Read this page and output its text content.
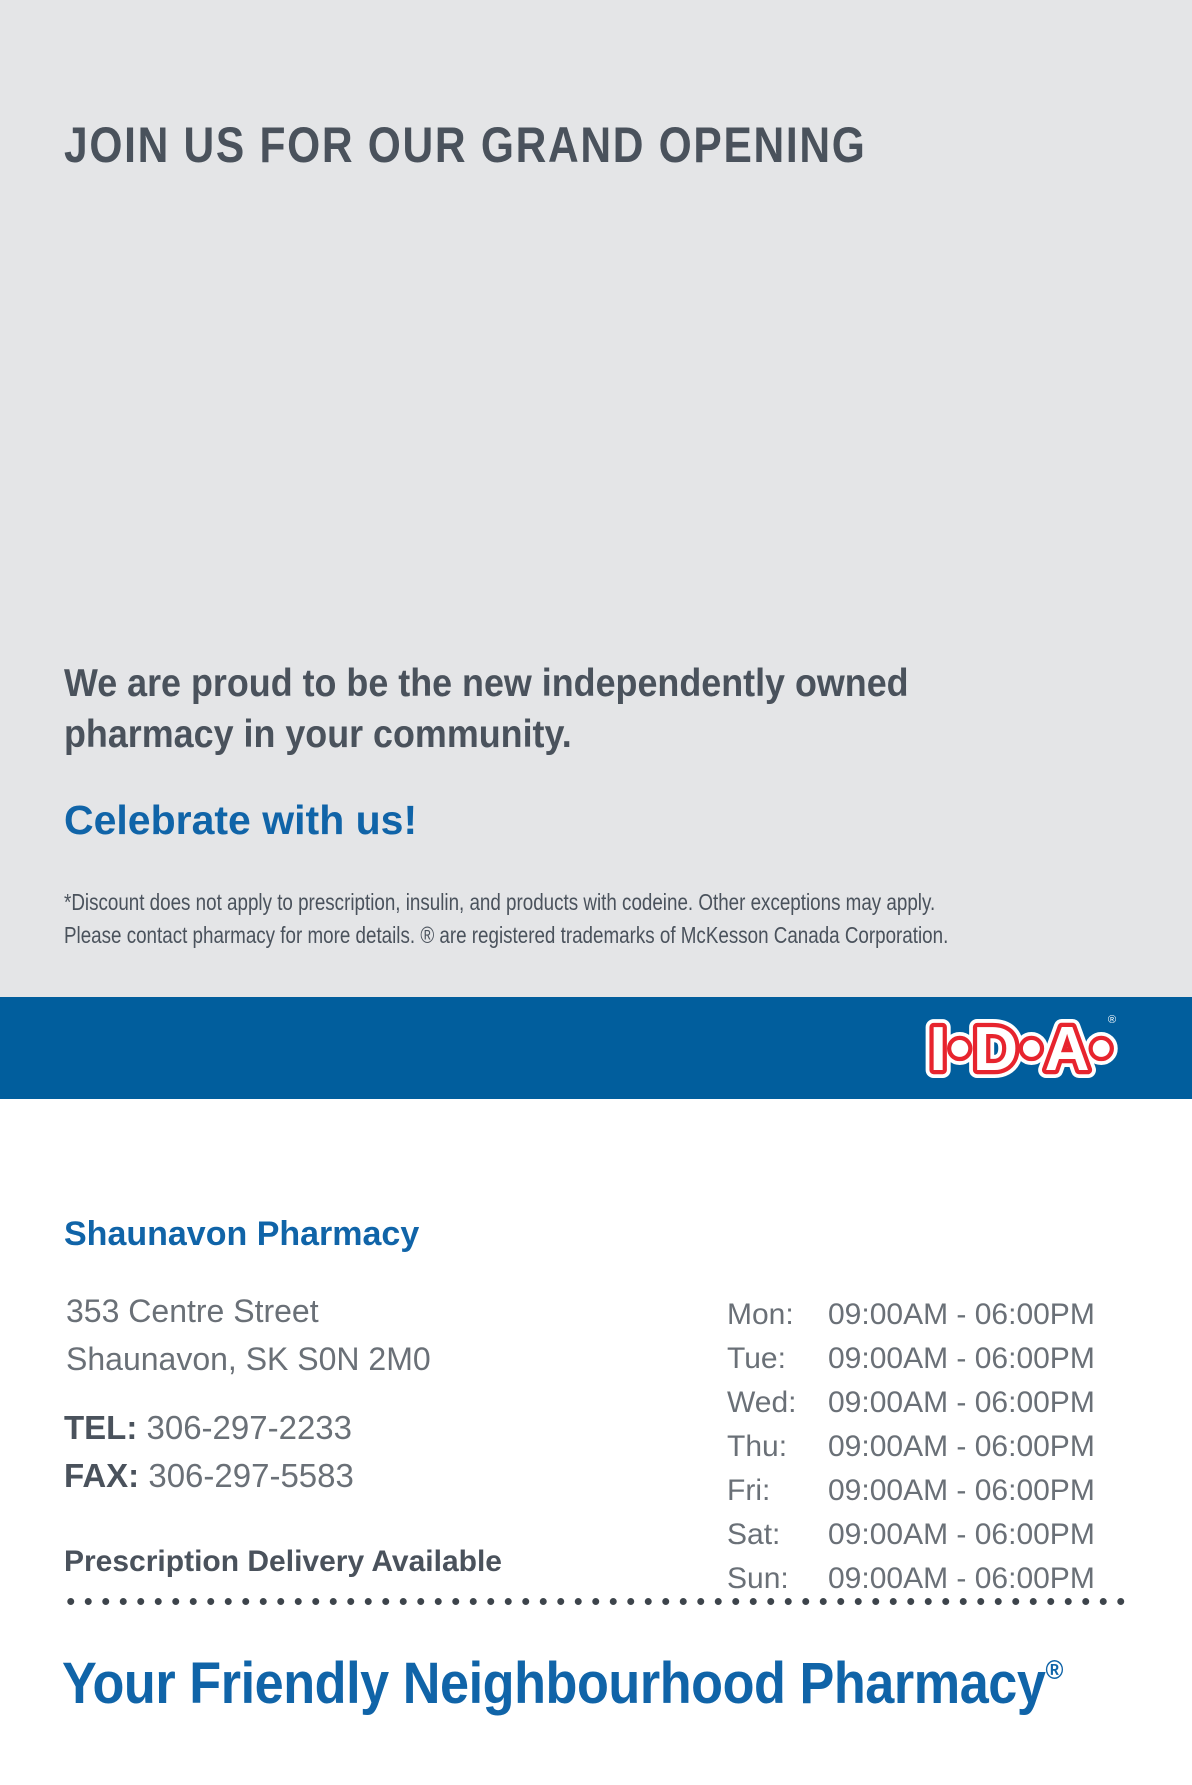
JOIN US FOR OUR GRAND OPENING
We are proud to be the new independently owned
pharmacy in your community.
Celebrate with us!

*Discount does not apply to prescription, insulin, and products with codeine. Other exceptions may apply.
Please contact pharmacy for more details. ® are registered trademarks of McKesson Canada Corporation.

®
Shaunavon Pharmacy
353 Centre Street
Shaunavon, SK S0N 2M0
TEL: 306-297-2233
FAX: 306-297-5583

Prescription Delivery Available

Mon:	09:00AM - 06:00PM
Tue:	09:00AM - 06:00PM
Wed:	09:00AM - 06:00PM
Thu:	09:00AM - 06:00PM
Fri:	09:00AM - 06:00PM
Sat:	09:00AM - 06:00PM
Sun:	09:00AM - 06:00PM
Your Friendly Neighbourhood Pharmacy®
